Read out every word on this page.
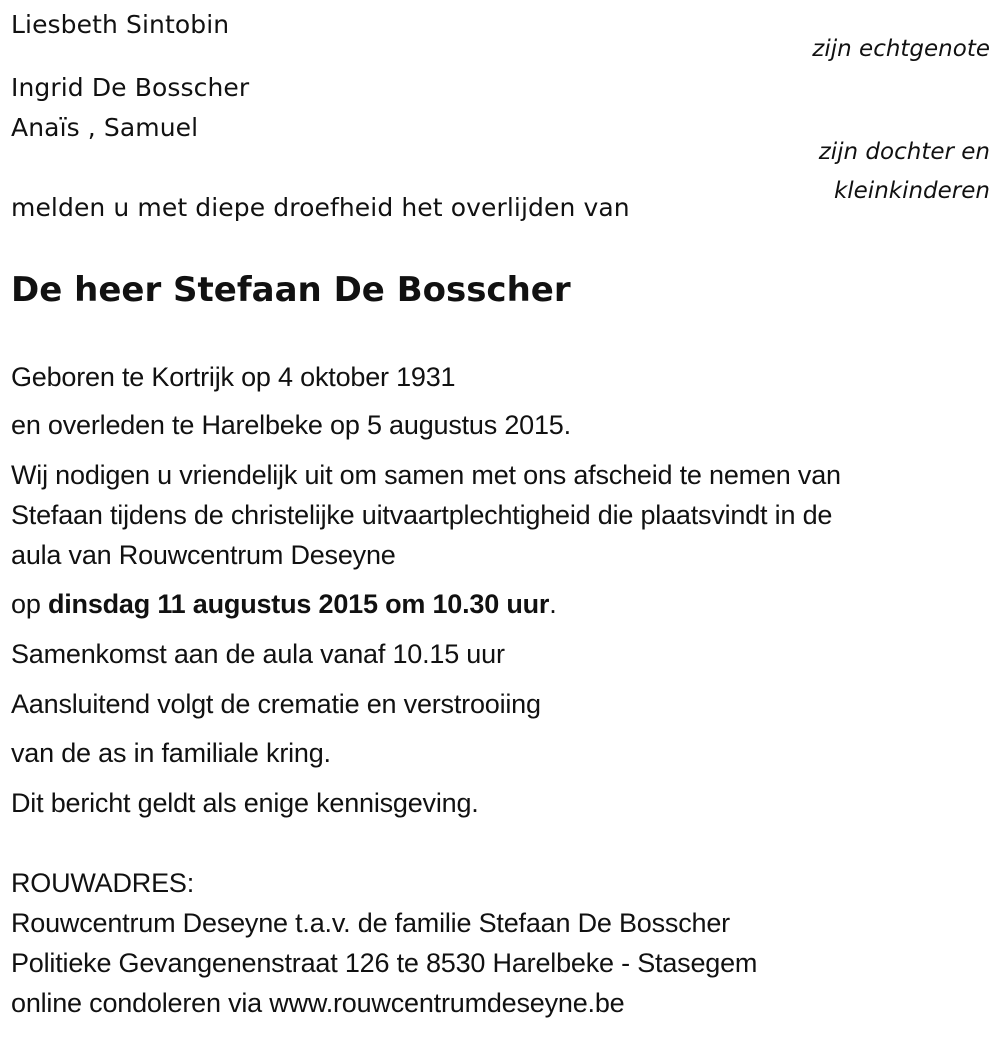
Liesbeth Sintobin
zijn echtgenote
Ingrid De Bosscher
Anaïs , Samuel
zijn dochter en
kleinkinderen
melden u met diepe droefheid het overlijden van
De heer Stefaan De Bosscher
Geboren te Kortrijk op 4 oktober 1931
en overleden te Harelbeke op 5 augustus 2015.
Wij nodigen u vriendelijk uit om samen met ons afscheid te nemen van
Stefaan tijdens de christelijke uitvaartplechtigheid die plaatsvindt in de
aula van Rouwcentrum Deseyne
op dinsdag 11 augustus 2015 om 10.30 uur.
Samenkomst aan de aula vanaf 10.15 uur
Aansluitend volgt de crematie en verstrooiing
van de as in familiale kring.
Dit bericht geldt als enige kennisgeving.
ROUWADRES:
Rouwcentrum Deseyne t.a.v. de familie Stefaan De Bosscher
Politieke Gevangenenstraat 126 te 8530 Harelbeke - Stasegem
online condoleren via www.rouwcentrumdeseyne.be
